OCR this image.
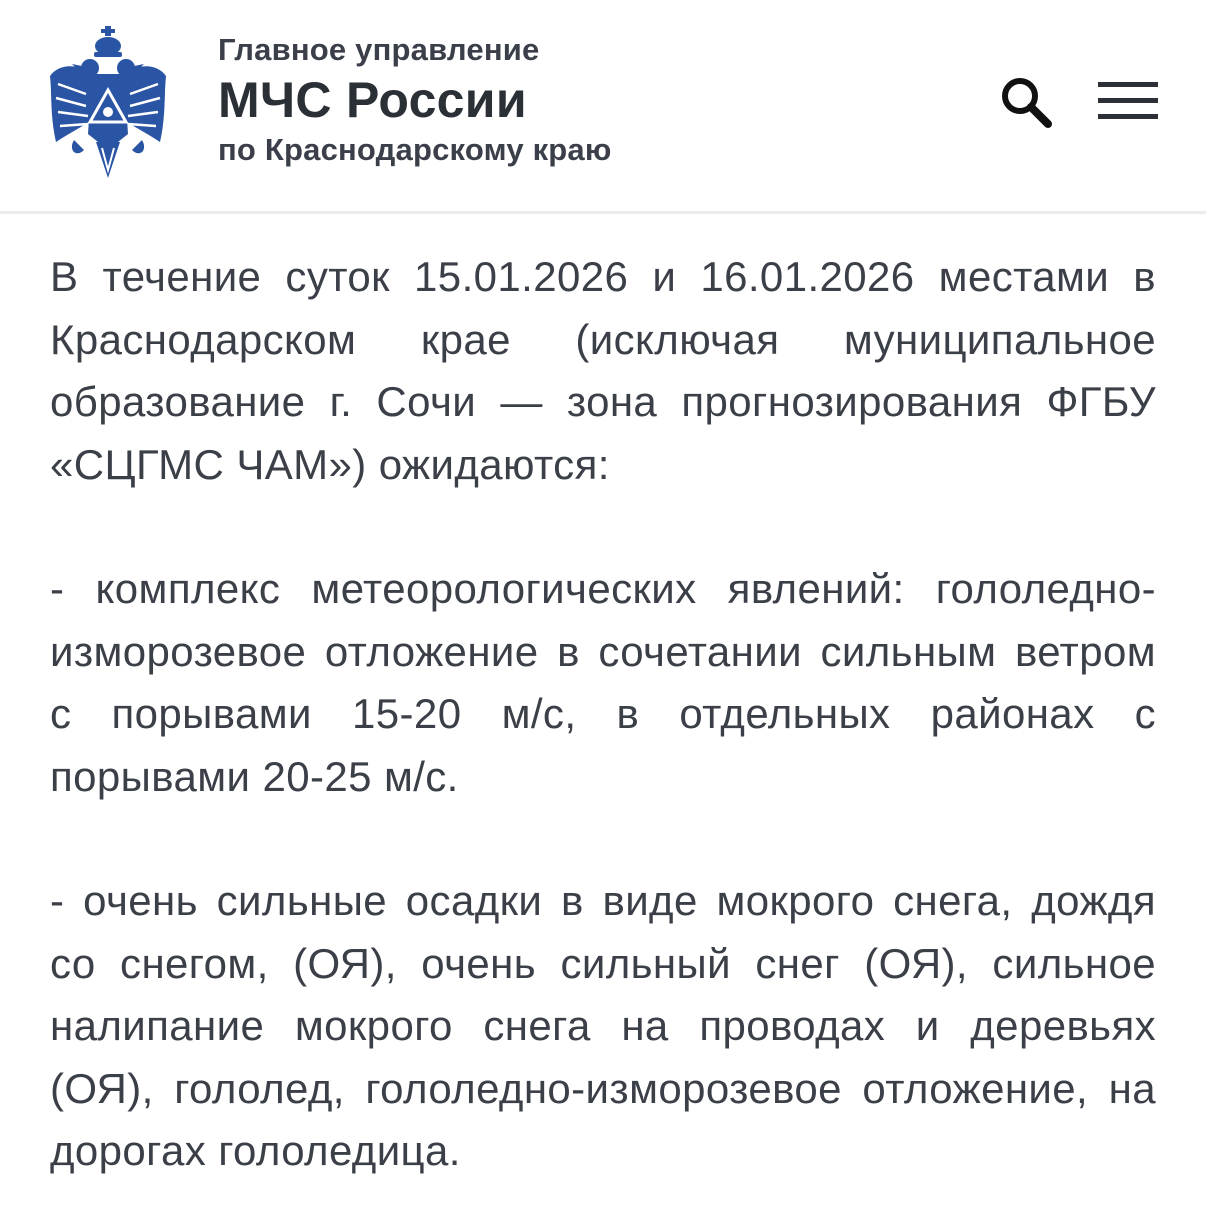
Главное управление
МЧС России
по Краснодарскому краю

В течение суток 15.01.2026 и 16.01.2026 местами в Краснодарском крае (исключая муниципальное образование г. Сочи — зона прогнозирования ФГБУ «СЦГМС ЧАМ») ожидаются:

- комплекс метеорологических явлений: гололедно-изморозевое отложение в сочетании сильным ветром с порывами 15-20 м/с, в отдельных районах с порывами 20-25 м/с.

- очень сильные осадки в виде мокрого снега, дождя со снегом, (ОЯ), очень сильный снег (ОЯ), сильное налипание мокрого снега на проводах и деревьях (ОЯ), гололед, гололедно-изморозевое отложение, на дорогах гололедица.
